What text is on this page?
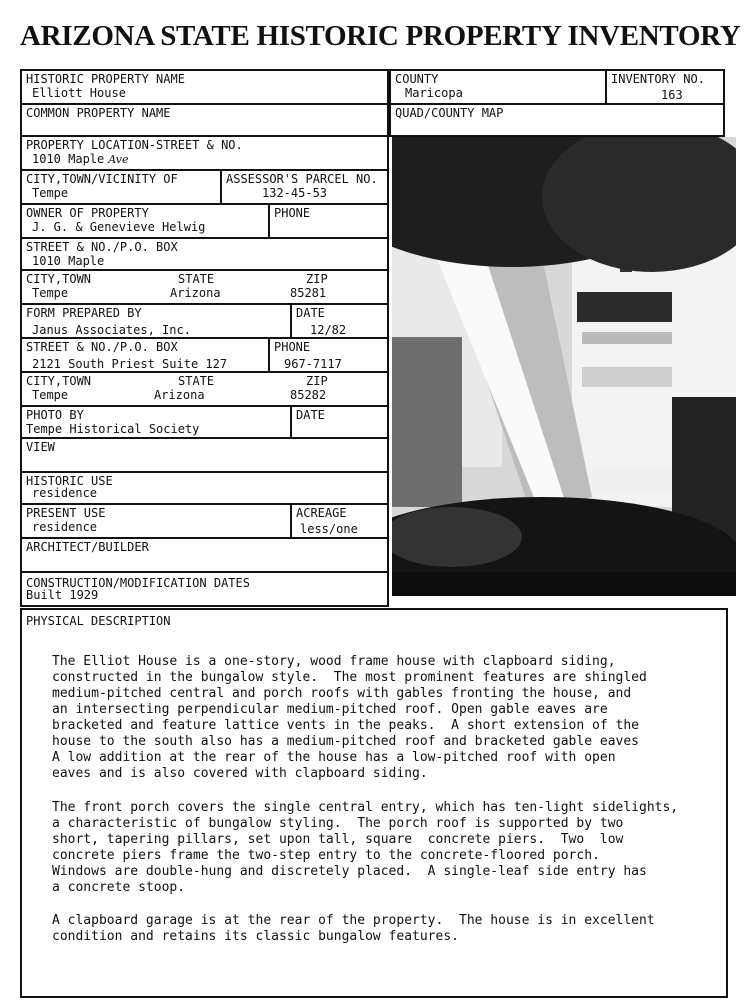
ARIZONA STATE HISTORIC PROPERTY INVENTORY
HISTORIC PROPERTY NAME
Elliott House
COMMON PROPERTY NAME
PROPERTY LOCATION-STREET & NO.
1010 Maple Ave
CITY,TOWN/VICINITY OF
Tempe
ASSESSOR'S PARCEL NO.
132-45-53
OWNER OF PROPERTY
J. G. & Genevieve Helwig
PHONE
STREET & NO./P.O. BOX
1010 Maple
CITY,TOWN
Tempe
STATE
Arizona
ZIP
85281
FORM PREPARED BY
Janus Associates, Inc.
DATE
12/82
STREET & NO./P.O. BOX
2121 South Priest Suite 127
PHONE
967-7117
CITY,TOWN
Tempe
STATE
Arizona
ZIP
85282
PHOTO BY
Tempe Historical Society
DATE
VIEW
HISTORIC USE
residence
PRESENT USE
residence
ACREAGE
less/one
ARCHITECT/BUILDER
CONSTRUCTION/MODIFICATION DATES
Built 1929
COUNTY
Maricopa
INVENTORY NO.
163
QUAD/COUNTY MAP
PHYSICAL DESCRIPTION
The Elliot House is a one-story, wood frame house with clapboard siding,
constructed in the bungalow style.  The most prominent features are shingled
medium-pitched central and porch roofs with gables fronting the house, and
an intersecting perpendicular medium-pitched roof. Open gable eaves are
bracketed and feature lattice vents in the peaks.  A short extension of the
house to the south also has a medium-pitched roof and bracketed gable eaves
A low addition at the rear of the house has a low-pitched roof with open
eaves and is also covered with clapboard siding.
The front porch covers the single central entry, which has ten-light sidelights,
a characteristic of bungalow styling.  The porch roof is supported by two
short, tapering pillars, set upon tall, square  concrete piers.  Two  low
concrete piers frame the two-step entry to the concrete-floored porch.
Windows are double-hung and discretely placed.  A single-leaf side entry has
a concrete stoop.
A clapboard garage is at the rear of the property.  The house is in excellent
condition and retains its classic bungalow features.
